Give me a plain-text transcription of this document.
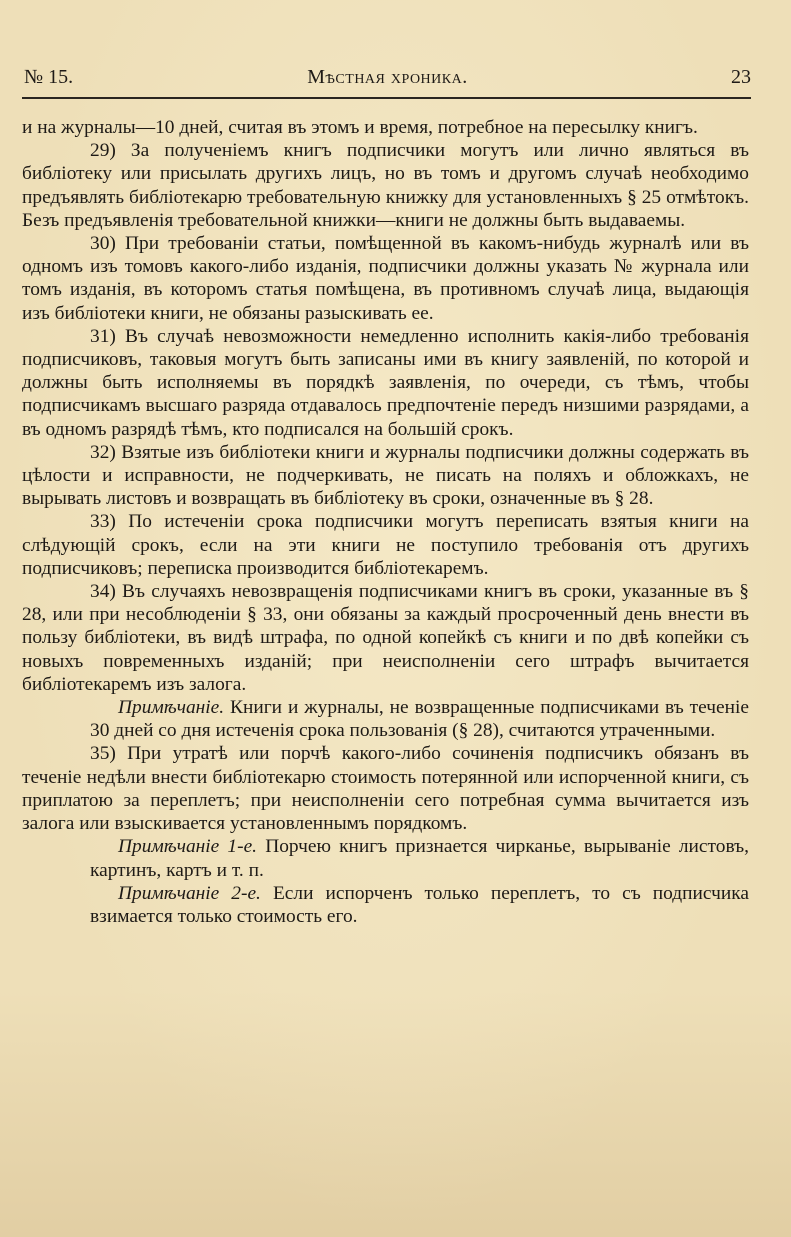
№ 15.	Мѣстная хроника.	23

и на журналы—10 дней, считая въ этомъ и время, потребное на пересылку книгъ.

29) За полученіемъ книгъ подписчики могутъ или лично являться въ библіотеку или присылать другихъ лицъ, но въ томъ и другомъ случаѣ необходимо предъявлять библіотекарю требовательную книжку для установленныхъ § 25 отмѣтокъ. Безъ предъявленія требовательной книжки—книги не должны быть выдаваемы.

30) При требованіи статьи, помѣщенной въ какомъ-нибудь журналѣ или въ одномъ изъ томовъ какого-либо изданія, подписчики должны указать № журнала или томъ изданія, въ которомъ статья помѣщена, въ противномъ случаѣ лица, выдающія изъ библіотеки книги, не обязаны разыскивать ее.

31) Въ случаѣ невозможности немедленно исполнить какія-либо требованія подписчиковъ, таковыя могутъ быть записаны ими въ книгу заявленій, по которой и должны быть исполняемы въ порядкѣ заявленія, по очереди, съ тѣмъ, чтобы подписчикамъ высшаго разряда отдавалось предпочтеніе передъ низшими разрядами, а въ одномъ разрядѣ тѣмъ, кто подписался на большій срокъ.

32) Взятые изъ библіотеки книги и журналы подписчики должны содержать въ цѣлости и исправности, не подчеркивать, не писать на поляхъ и обложкахъ, не вырывать листовъ и возвращать въ библіотеку въ сроки, означенные въ § 28.

33) По истеченіи срока подписчики могутъ переписать взятыя книги на слѣдующій срокъ, если на эти книги не поступило требованія отъ другихъ подписчиковъ; переписка производится библіотекаремъ.

34) Въ случаяхъ невозвращенія подписчиками книгъ въ сроки, указанные въ § 28, или при несоблюденіи § 33, они обязаны за каждый просроченный день внести въ пользу библіотеки, въ видѣ штрафа, по одной копейкѣ съ книги и по двѣ копейки съ новыхъ повременныхъ изданій; при неисполненіи сего штрафъ вычитается библіотекаремъ изъ залога.

Примѣчаніе. Книги и журналы, не возвращенные подписчиками въ теченіе 30 дней со дня истеченія срока пользованія (§ 28), считаются утраченными.

35) При утратѣ или порчѣ какого-либо сочиненія подписчикъ обязанъ въ теченіе недѣли внести библіотекарю стоимость потерянной или испорченной книги, съ приплатою за переплетъ; при неисполненіи сего потребная сумма вычитается изъ залога или взыскивается установленнымъ порядкомъ.

Примѣчаніе 1-е. Порчею книгъ признается чирканье, вырываніе листовъ, картинъ, картъ и т. п.

Примѣчаніе 2-е. Если испорченъ только переплетъ, то съ подписчика взимается только стоимость его.
